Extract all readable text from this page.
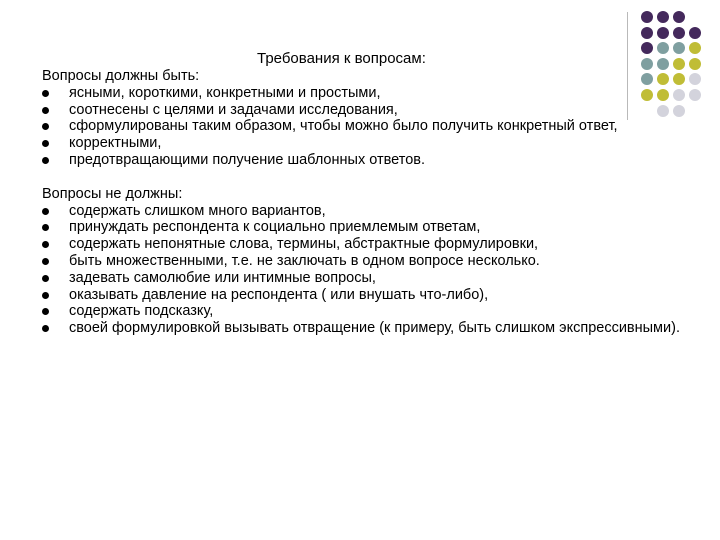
Требования к вопросам:
Вопросы должны быть:
ясными, короткими, конкретными и простыми,
соотнесены с целями и задачами исследования,
сформулированы таким образом, чтобы можно было получить конкретный ответ,
корректными,
предотвращающими получение шаблонных ответов.
Вопросы не должны:
содержать слишком много вариантов,
принуждать респондента к социально приемлемым ответам,
содержать непонятные слова, термины, абстрактные формулировки,
быть множественными, т.е. не заключать в одном вопросе несколько.
задевать самолюбие или интимные вопросы,
оказывать давление на респондента ( или внушать что-либо),
содержать подсказку,
своей формулировкой вызывать отвращение (к примеру, быть слишком экспрессивными).
